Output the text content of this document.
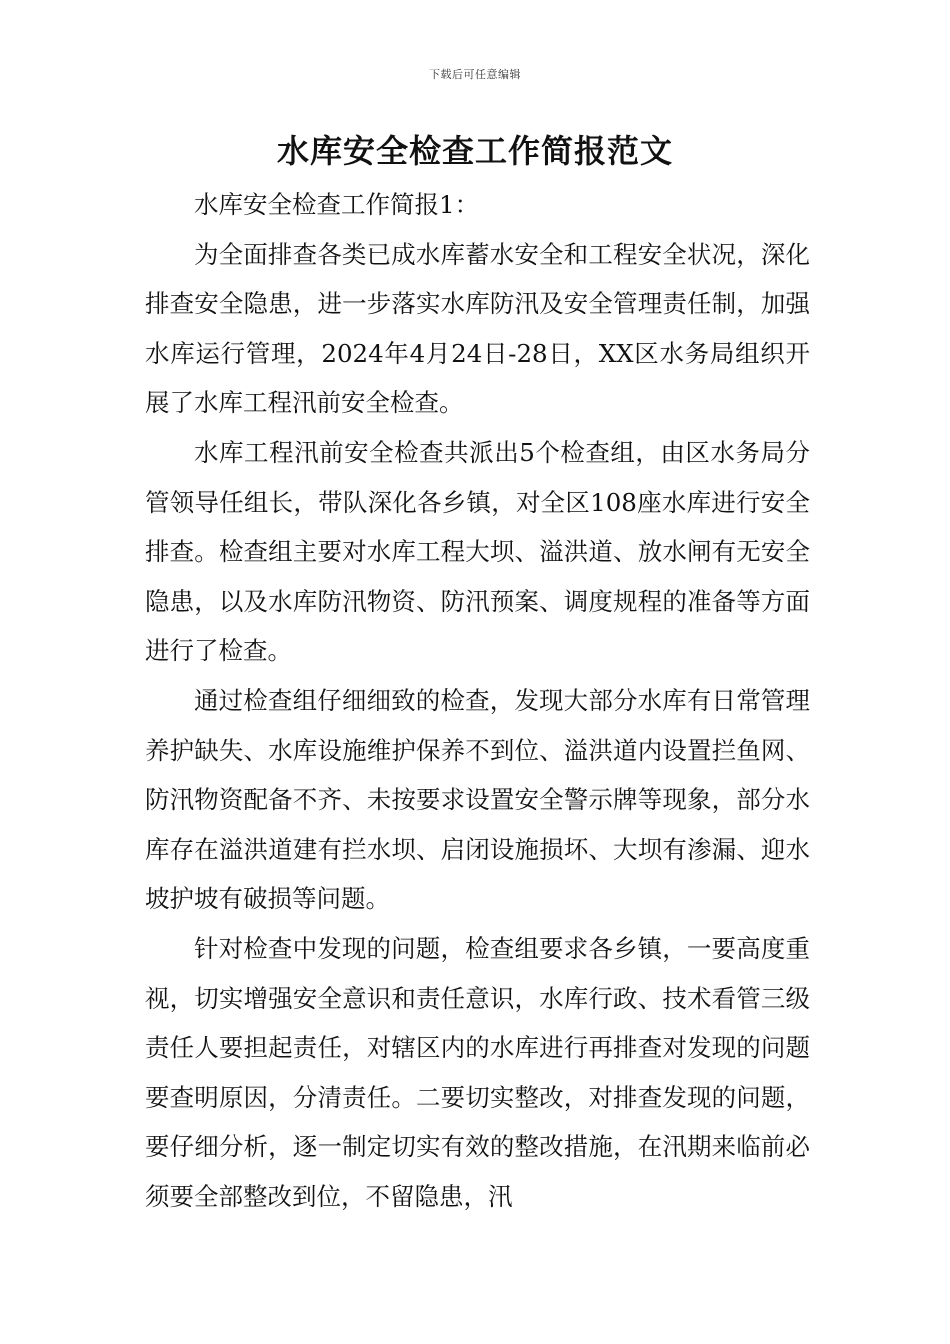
下载后可任意编辑
水库安全检查工作简报范文

水库安全检查工作简报1：

为全面排查各类已成水库蓄水安全和工程安全状况，深化排查安全隐患，进一步落实水库防汛及安全管理责任制，加强水库运行管理，2024年4月24日-28日，XX区水务局组织开展了水库工程汛前安全检查。

水库工程汛前安全检查共派出5个检查组，由区水务局分管领导任组长，带队深化各乡镇，对全区108座水库进行安全排查。检查组主要对水库工程大坝、溢洪道、放水闸有无安全隐患，以及水库防汛物资、防汛预案、调度规程的准备等方面进行了检查。

通过检查组仔细细致的检查，发现大部分水库有日常管理养护缺失、水库设施维护保养不到位、溢洪道内设置拦鱼网、防汛物资配备不齐、未按要求设置安全警示牌等现象，部分水库存在溢洪道建有拦水坝、启闭设施损坏、大坝有渗漏、迎水坡护坡有破损等问题。

针对检查中发现的问题，检查组要求各乡镇，一要高度重视，切实增强安全意识和责任意识，水库行政、技术看管三级责任人要担起责任，对辖区内的水库进行再排查对发现的问题要查明原因，分清责任。二要切实整改，对排查发现的问题，要仔细分析，逐一制定切实有效的整改措施，在汛期来临前必须要全部整改到位，不留隐患，汛
